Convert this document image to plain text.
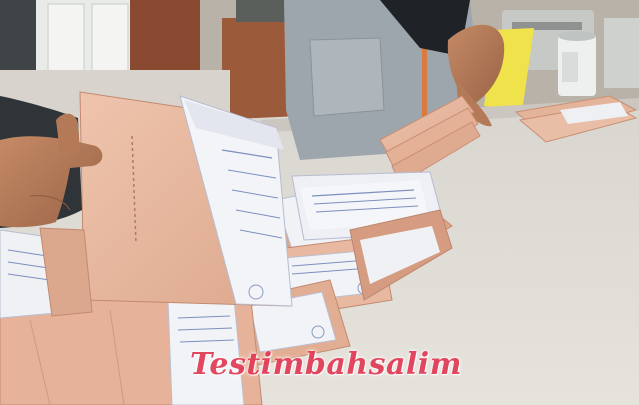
Testimbahsalim
